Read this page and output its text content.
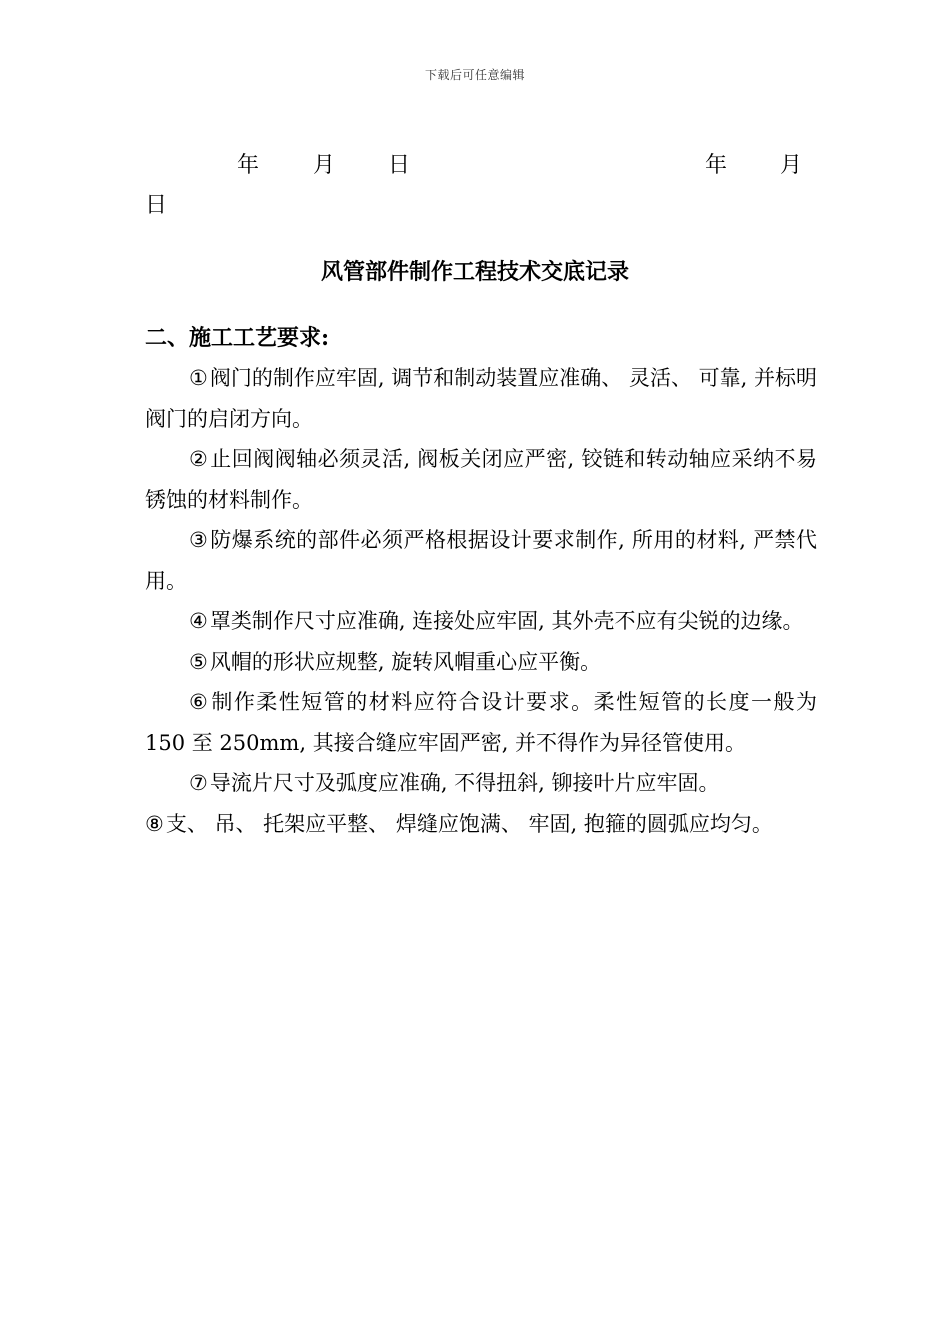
下载后可任意编辑
年 月 日	年 月
日
风管部件制作工程技术交底记录

二、施工工艺要求:

①阀门的制作应牢固, 调节和制动装置应准确、 灵活、 可靠, 并标明阀门的启闭方向。

②止回阀阀轴必须灵活, 阀板关闭应严密, 铰链和转动轴应采纳不易锈蚀的材料制作。

③防爆系统的部件必须严格根据设计要求制作, 所用的材料, 严禁代用。

④罩类制作尺寸应准确, 连接处应牢固, 其外壳不应有尖锐的边缘。

⑤风帽的形状应规整, 旋转风帽重心应平衡。

⑥制作柔性短管的材料应符合设计要求。柔性短管的长度一般为 150 至 250mm, 其接合缝应牢固严密, 并不得作为异径管使用。

⑦导流片尺寸及弧度应准确, 不得扭斜, 铆接叶片应牢固。

⑧支、 吊、 托架应平整、 焊缝应饱满、 牢固, 抱箍的圆弧应均匀。
